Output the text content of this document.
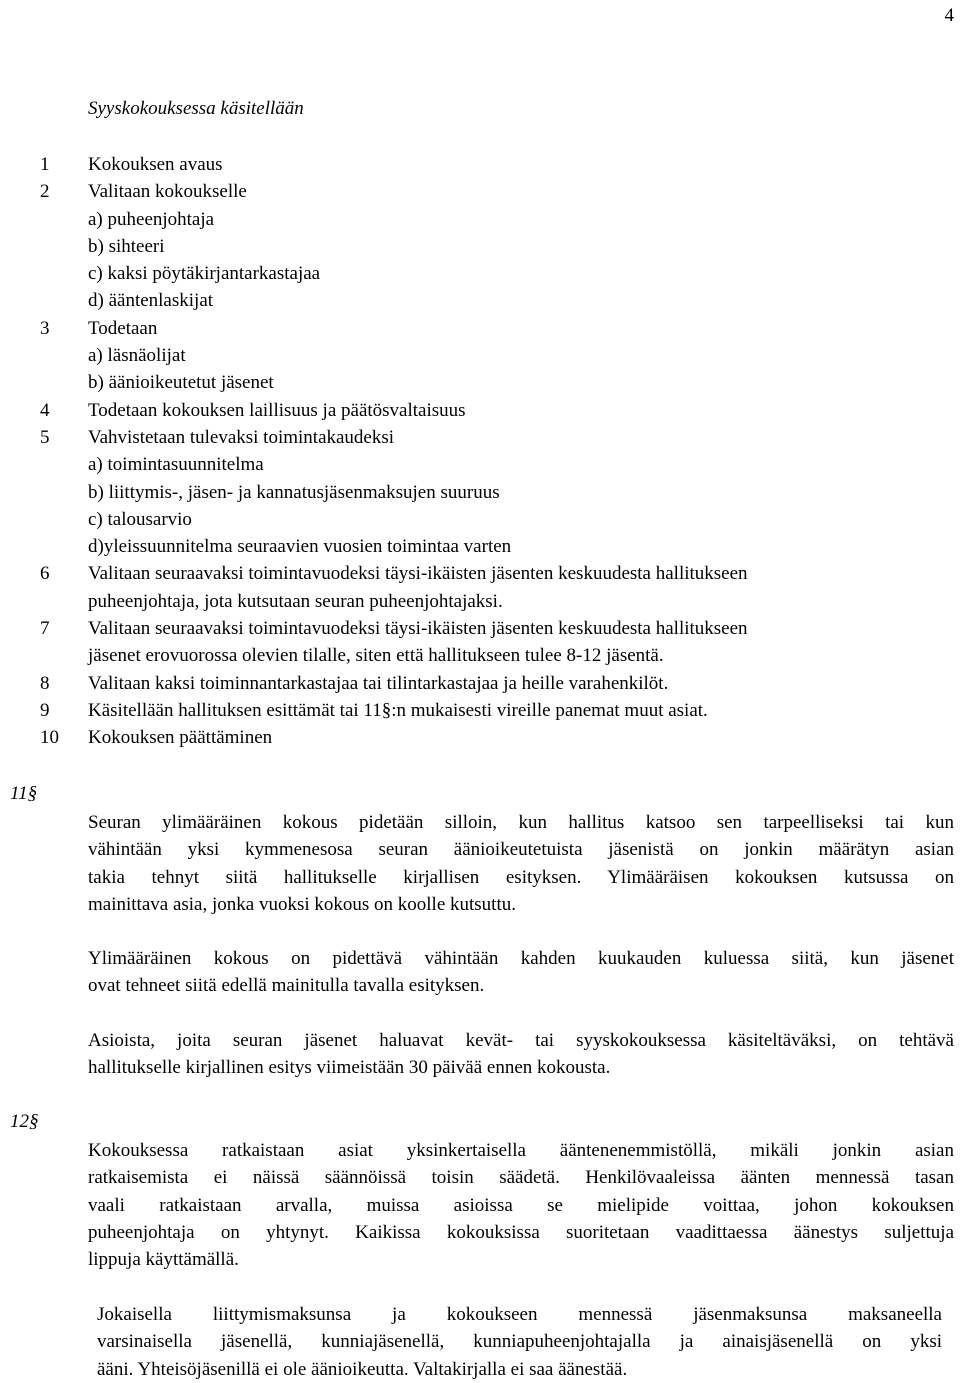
4
Syyskokouksessa käsitellään
1	Kokouksen avaus
2	Valitaan kokoukselle
a) puheenjohtaja
b) sihteeri
c) kaksi pöytäkirjantarkastajaa
d) ääntenlaskijat
3	Todetaan
a) läsnäolijat
b) äänioikeutetut jäsenet
4	Todetaan kokouksen laillisuus ja päätösvaltaisuus
5	Vahvistetaan tulevaksi toimintakaudeksi
a) toimintasuunnitelma
b) liittymis-, jäsen- ja kannatusjäsenmaksujen suuruus
c) talousarvio
d)yleissuunnitelma seuraavien vuosien toimintaa varten
6	Valitaan seuraavaksi toimintavuodeksi täysi-ikäisten jäsenten keskuudesta hallitukseen
puheenjohtaja, jota kutsutaan seuran puheenjohtajaksi.
7	Valitaan seuraavaksi toimintavuodeksi täysi-ikäisten jäsenten keskuudesta hallitukseen
jäsenet erovuorossa olevien tilalle, siten että hallitukseen tulee 8-12 jäsentä.
8	Valitaan kaksi toiminnantarkastajaa tai tilintarkastajaa ja heille varahenkilöt.
9	Käsitellään hallituksen esittämät tai 11§:n mukaisesti vireille panemat muut asiat.
10	Kokouksen päättäminen
11§
Seuran ylimääräinen kokous pidetään silloin, kun hallitus katsoo sen tarpeelliseksi tai kun
vähintään yksi kymmenesosa seuran äänioikeutetuista jäsenistä on jonkin määrätyn asian
takia tehnyt siitä hallitukselle kirjallisen esityksen. Ylimääräisen kokouksen kutsussa on
mainittava asia, jonka vuoksi kokous on koolle kutsuttu.
Ylimääräinen kokous on pidettävä vähintään kahden kuukauden kuluessa siitä, kun jäsenet
ovat tehneet siitä edellä mainitulla tavalla esityksen.
Asioista, joita seuran jäsenet haluavat kevät- tai syyskokouksessa käsiteltäväksi, on tehtävä
hallitukselle kirjallinen esitys viimeistään 30 päivää ennen kokousta.
12§
Kokouksessa ratkaistaan asiat yksinkertaisella ääntenenemmistöllä, mikäli jonkin asian
ratkaisemista ei näissä säännöissä toisin säädetä. Henkilövaaleissa äänten mennessä tasan
vaali ratkaistaan arvalla, muissa asioissa se mielipide voittaa, johon kokouksen
puheenjohtaja on yhtynyt. Kaikissa kokouksissa suoritetaan vaadittaessa äänestys suljettuja
lippuja käyttämällä.
Jokaisella liittymismaksunsa ja kokoukseen mennessä jäsenmaksunsa maksaneella
varsinaisella jäsenellä, kunniajäsenellä, kunniapuheenjohtajalla ja ainaisjäsenellä on yksi
ääni. Yhteisöjäsenillä ei ole äänioikeutta. Valtakirjalla ei saa äänestää.
